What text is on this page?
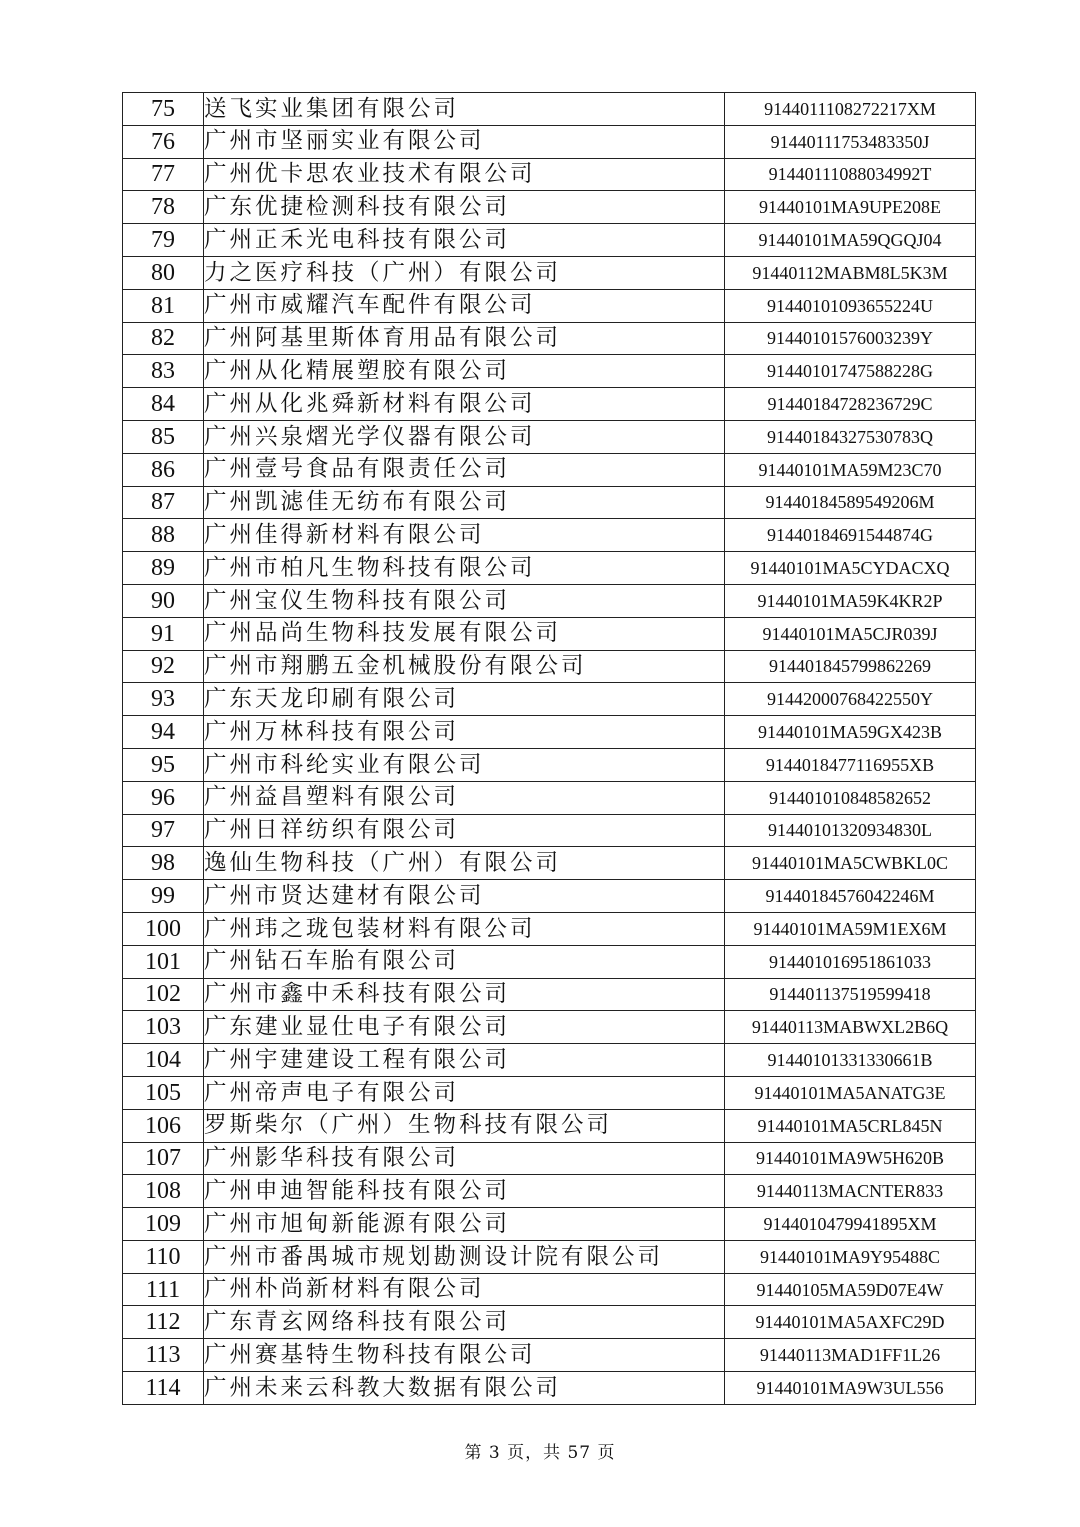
75	送飞实业集团有限公司	9144011108272217XM
76	广州市坚丽实业有限公司	91440111753483350J
77	广州优卡思农业技术有限公司	91440111088034992T
78	广东优捷检测科技有限公司	91440101MA9UPE208E
79	广州正禾光电科技有限公司	91440101MA59QGQJ04
80	力之医疗科技（广州）有限公司	91440112MABM8L5K3M
81	广州市威耀汽车配件有限公司	91440101093655224U
82	广州阿基里斯体育用品有限公司	91440101576003239Y
83	广州从化精展塑胶有限公司	91440101747588228G
84	广州从化兆舜新材料有限公司	91440184728236729C
85	广州兴泉熠光学仪器有限公司	91440184327530783Q
86	广州壹号食品有限责任公司	91440101MA59M23C70
87	广州凯滤佳无纺布有限公司	91440184589549206M
88	广州佳得新材料有限公司	91440184691544874G
89	广州市柏凡生物科技有限公司	91440101MA5CYDACXQ
90	广州宝仪生物科技有限公司	91440101MA59K4KR2P
91	广州品尚生物科技发展有限公司	91440101MA5CJR039J
92	广州市翔鹏五金机械股份有限公司	914401845799862269
93	广东天龙印刷有限公司	91442000768422550Y
94	广州万林科技有限公司	91440101MA59GX423B
95	广州市科纶实业有限公司	9144018477116955XB
96	广州益昌塑料有限公司	914401010848582652
97	广州日祥纺织有限公司	91440101320934830L
98	逸仙生物科技（广州）有限公司	91440101MA5CWBKL0C
99	广州市贤达建材有限公司	91440184576042246M
100	广州玮之珑包装材料有限公司	91440101MA59M1EX6M
101	广州钻石车胎有限公司	914401016951861033
102	广州市鑫中禾科技有限公司	914401137519599418
103	广东建业显仕电子有限公司	91440113MABWXL2B6Q
104	广州宇建建设工程有限公司	91440101331330661B
105	广州帝声电子有限公司	91440101MA5ANATG3E
106	罗斯柴尔（广州）生物科技有限公司	91440101MA5CRL845N
107	广州影华科技有限公司	91440101MA9W5H620B
108	广州申迪智能科技有限公司	91440113MACNTER833
109	广州市旭甸新能源有限公司	9144010479941895XM
110	广州市番禺城市规划勘测设计院有限公司	91440101MA9Y95488C
111	广州朴尚新材料有限公司	91440105MA59D07E4W
112	广东青玄网络科技有限公司	91440101MA5AXFC29D
113	广州赛基特生物科技有限公司	91440113MAD1FF1L26
114	广州未来云科教大数据有限公司	91440101MA9W3UL556
第 3 页，共 57 页
